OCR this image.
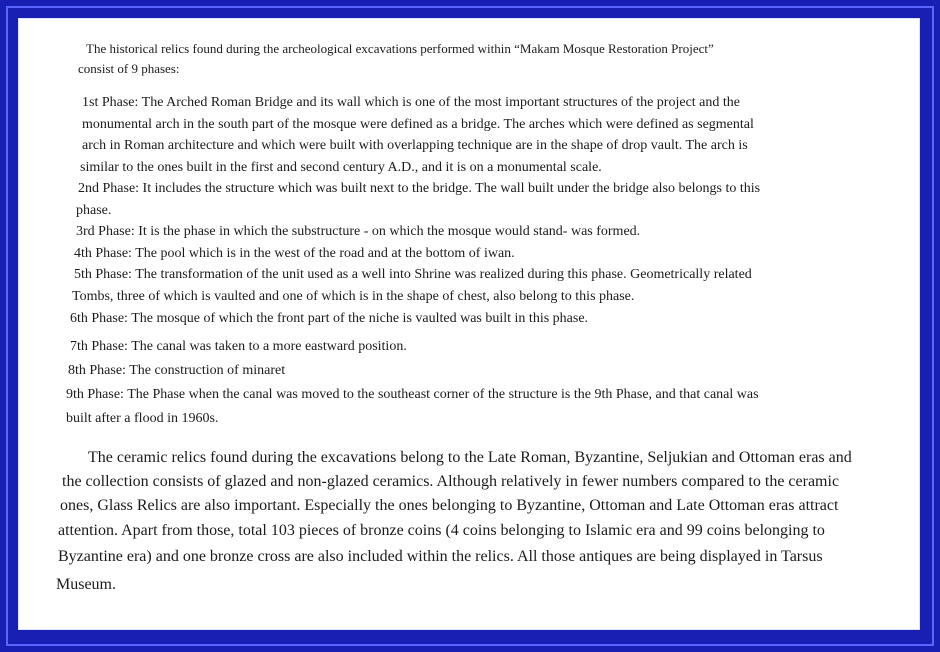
The historical relics found during the archeological excavations performed within “Makam Mosque Restoration Project”
consist of 9 phases:
1st Phase: The Arched Roman Bridge and its wall which is one of the most important structures of the project and the
monumental arch in the south part of the mosque were defined as a bridge. The arches which were defined as segmental
arch in Roman architecture and which were built with overlapping technique are in the shape of drop vault. The arch is
similar to the ones built in the first and second century A.D., and it is on a monumental scale.
2nd Phase: It includes the structure which was built next to the bridge. The wall built under the bridge also belongs to this
phase.
3rd Phase: It is the phase in which the substructure - on which the mosque would stand- was formed.
4th Phase: The pool which is in the west of the road and at the bottom of iwan.
5th Phase: The transformation of the unit used as a well into Shrine was realized during this phase. Geometrically related
Tombs, three of which is vaulted and one of which is in the shape of chest, also belong to this phase.
6th Phase: The mosque of which the front part of the niche is vaulted was built in this phase.
7th Phase: The canal was taken to a more eastward position.
8th Phase: The construction of minaret
9th Phase: The Phase when the canal was moved to the southeast corner of the structure is the 9th Phase, and that canal was
built after a flood in 1960s.
The ceramic relics found during the excavations belong to the Late Roman, Byzantine, Seljukian and Ottoman eras and
the collection consists of glazed and non-glazed ceramics. Although relatively in fewer numbers compared to the ceramic
ones, Glass Relics are also important. Especially the ones belonging to Byzantine, Ottoman and Late Ottoman eras attract
attention. Apart from those, total 103 pieces of bronze coins (4 coins belonging to Islamic era and 99 coins belonging to
Byzantine era) and one bronze cross are also included within the relics. All those antiques are being displayed in Tarsus
Museum.
